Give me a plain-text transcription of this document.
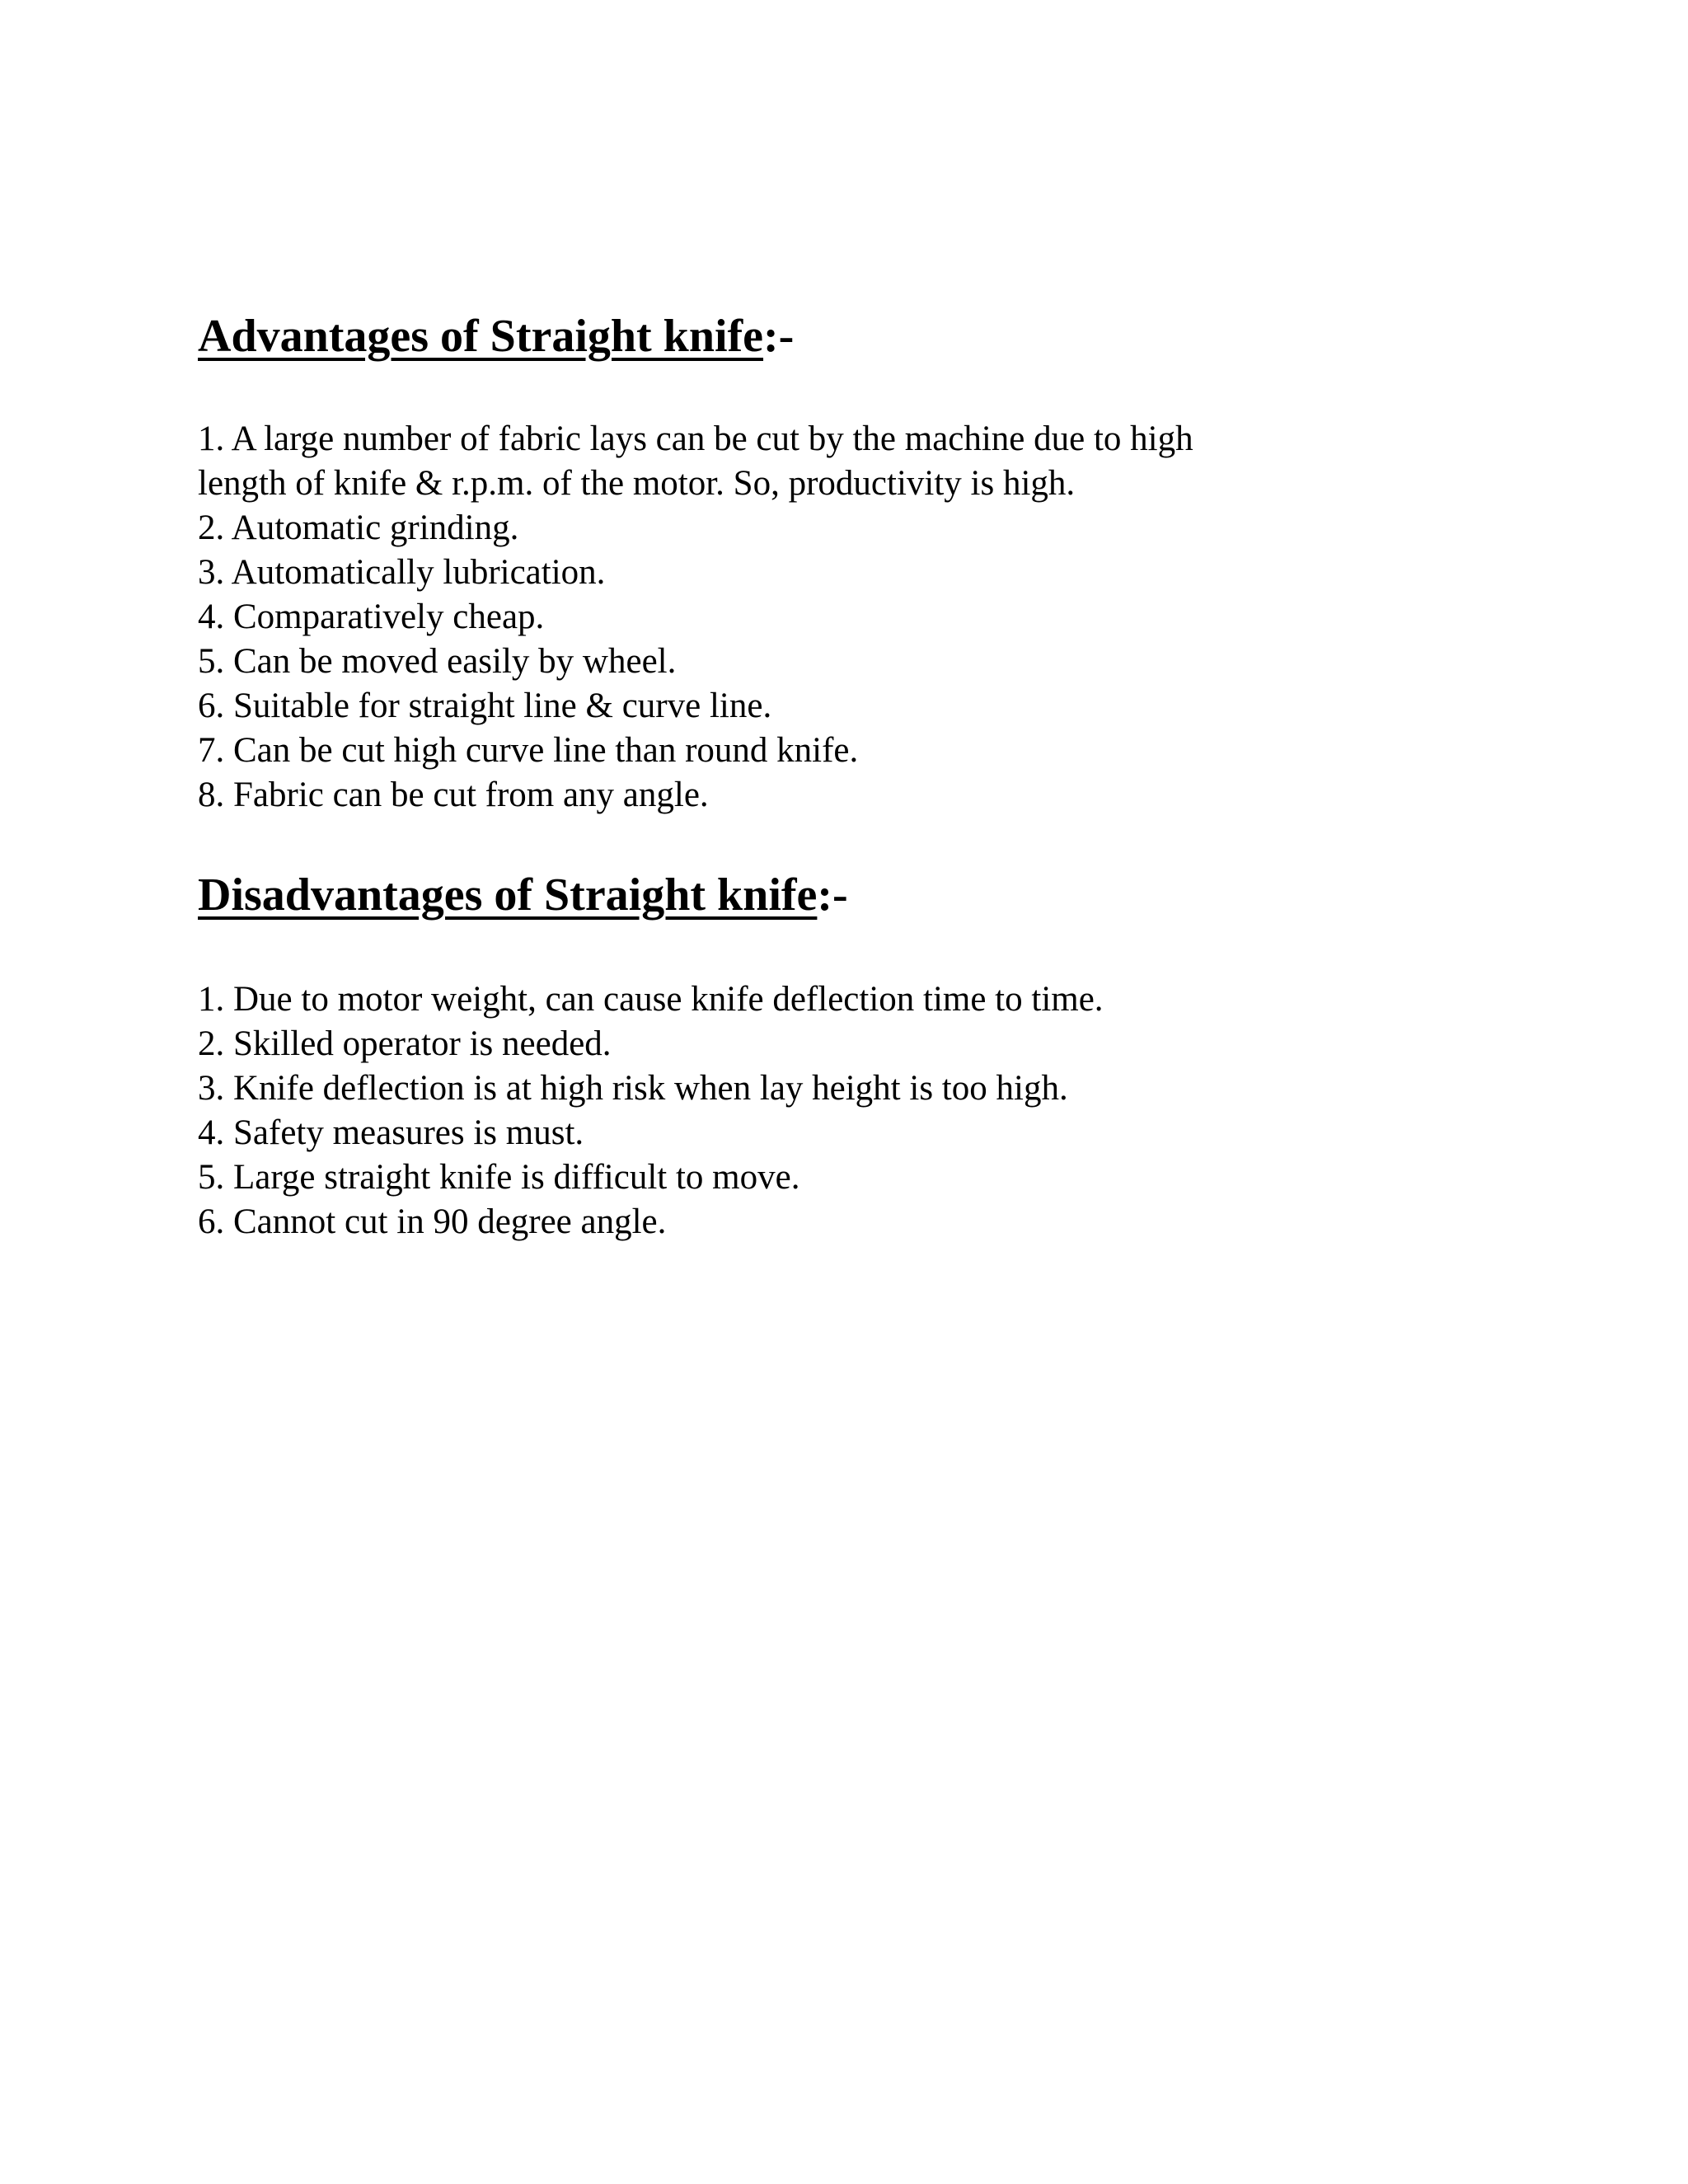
Advantages of Straight knife:-
1. A large number of fabric lays can be cut by the machine due to high
length of knife & r.p.m. of the motor. So, productivity is high.
2. Automatic grinding.
3. Automatically lubrication.
4. Comparatively cheap.
5. Can be moved easily by wheel.
6. Suitable for straight line & curve line.
7. Can be cut high curve line than round knife.
8. Fabric can be cut from any angle.
Disadvantages of Straight knife:-
1. Due to motor weight, can cause knife deflection time to time.
2. Skilled operator is needed.
3. Knife deflection is at high risk when lay height is too high.
4. Safety measures is must.
5. Large straight knife is difficult to move.
6. Cannot cut in 90 degree angle.
